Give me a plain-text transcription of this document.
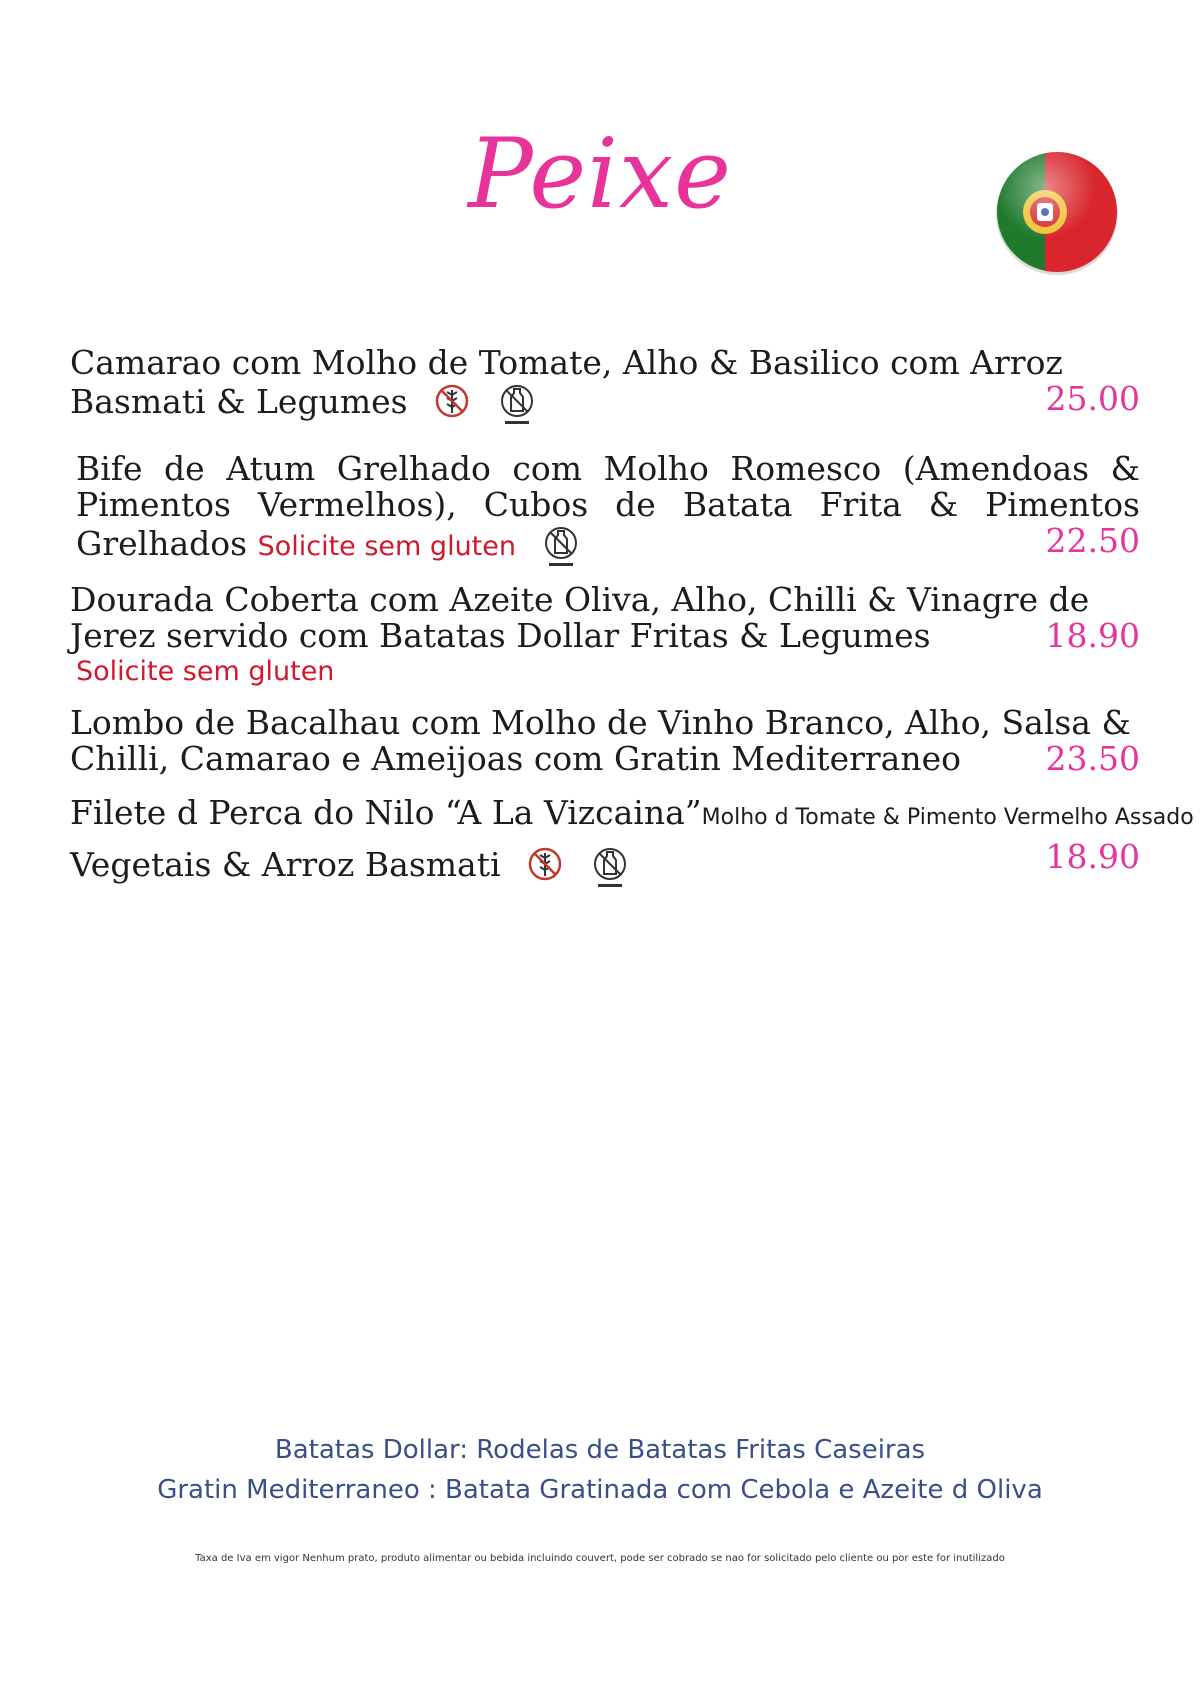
Peixe
Camarao com Molho de Tomate, Alho & Basilico com Arroz
Basmati & Legumes	25.00
Bife de Atum Grelhado com Molho Romesco (Amendoas &
Pimentos Vermelhos), Cubos de Batata Frita & Pimentos
Grelhados Solicite sem gluten	22.50
Dourada Coberta com Azeite Oliva, Alho, Chilli & Vinagre de
Jerez servido com Batatas Dollar Fritas & Legumes
Solicite sem gluten
18.90
Lombo de Bacalhau com Molho de Vinho Branco, Alho, Salsa &
Chilli, Camarao e Ameijoas com Gratin Mediterraneo	23.50
Filete d Perca do Nilo “A La Vizcaina”Molho d Tomate & Pimento Vermelho Assado
Vegetais & Arroz Basmati	18.90
Batatas Dollar: Rodelas de Batatas Fritas Caseiras
Gratin Mediterraneo : Batata Gratinada com Cebola e Azeite d Oliva
Taxa de Iva em vigor Nenhum prato, produto alimentar ou bebida incluindo couvert, pode ser cobrado se nao for solicitado pelo cliente ou por este for inutilizado
